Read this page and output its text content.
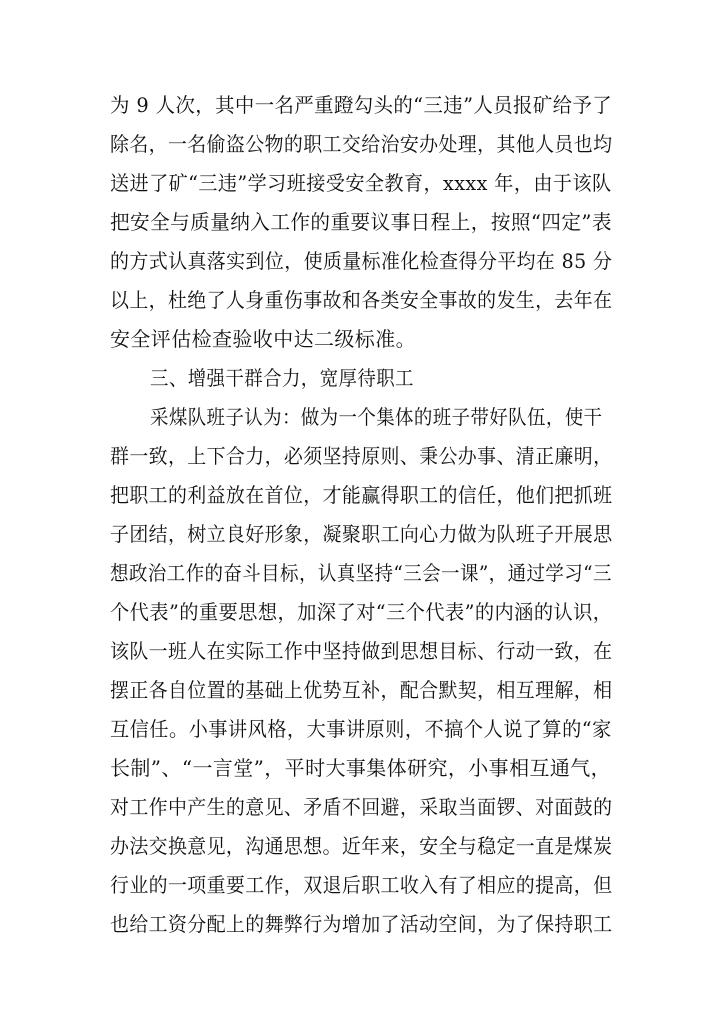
为 9 人次，其中一名严重蹬勾头的“三违”人员报矿给予了
除名，一名偷盗公物的职工交给治安办处理，其他人员也均
送进了矿“三违”学习班接受安全教育，xxxx 年，由于该队
把安全与质量纳入工作的重要议事日程上，按照“四定”表
的方式认真落实到位，使质量标准化检查得分平均在 85 分
以上，杜绝了人身重伤事故和各类安全事故的发生，去年在
安全评估检查验收中达二级标准。
三、增强干群合力，宽厚待职工
采煤队班子认为：做为一个集体的班子带好队伍，使干
群一致，上下合力，必须坚持原则、秉公办事、清正廉明，
把职工的利益放在首位，才能赢得职工的信任，他们把抓班
子团结，树立良好形象，凝聚职工向心力做为队班子开展思
想政治工作的奋斗目标，认真坚持“三会一课”，通过学习“三
个代表”的重要思想，加深了对“三个代表”的内涵的认识，
该队一班人在实际工作中坚持做到思想目标、行动一致，在
摆正各自位置的基础上优势互补，配合默契，相互理解，相
互信任。小事讲风格，大事讲原则，不搞个人说了算的“家
长制”、“一言堂”，平时大事集体研究，小事相互通气，
对工作中产生的意见、矛盾不回避，采取当面锣、对面鼓的
办法交换意见，沟通思想。近年来，安全与稳定一直是煤炭
行业的一项重要工作，双退后职工收入有了相应的提高，但
也给工资分配上的舞弊行为增加了活动空间，为了保持职工
